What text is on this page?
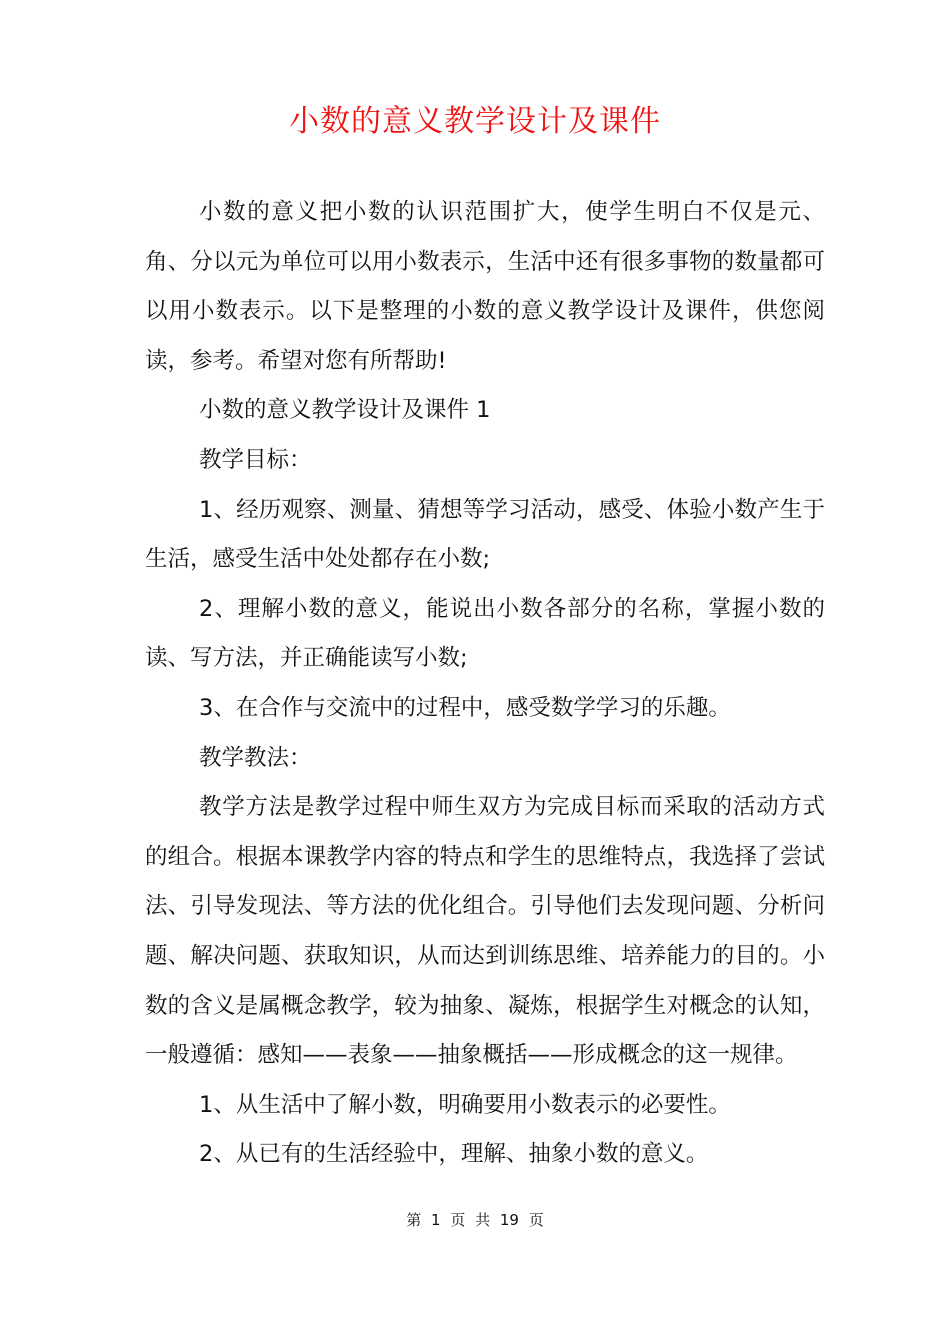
小数的意义教学设计及课件

小数的意义把小数的认识范围扩大，使学生明白不仅是元、角、分以元为单位可以用小数表示，生活中还有很多事物的数量都可以用小数表示。以下是整理的小数的意义教学设计及课件，供您阅读，参考。希望对您有所帮助!

小数的意义教学设计及课件 1

教学目标：

1、经历观察、测量、猜想等学习活动，感受、体验小数产生于生活，感受生活中处处都存在小数;

2、理解小数的意义，能说出小数各部分的名称，掌握小数的读、写方法，并正确能读写小数;

3、在合作与交流中的过程中，感受数学学习的乐趣。

教学教法：

教学方法是教学过程中师生双方为完成目标而采取的活动方式的组合。根据本课教学内容的特点和学生的思维特点，我选择了尝试法、引导发现法、等方法的优化组合。引导他们去发现问题、分析问题、解决问题、获取知识，从而达到训练思维、培养能力的目的。小数的含义是属概念教学，较为抽象、凝炼，根据学生对概念的认知，一般遵循：感知——表象——抽象概括——形成概念的这一规律。

1、从生活中了解小数，明确要用小数表示的必要性。

2、从已有的生活经验中，理解、抽象小数的意义。

第 1 页 共 19 页
